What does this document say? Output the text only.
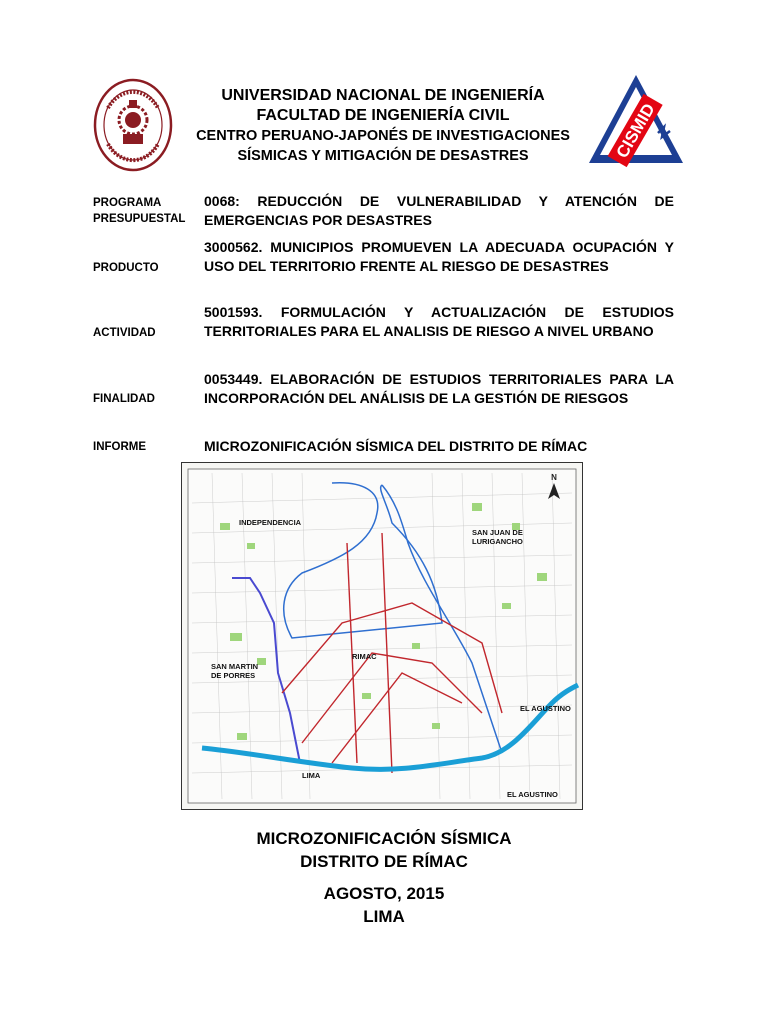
CISMID
UNIVERSIDAD NACIONAL DE INGENIERÍA
FACULTAD DE INGENIERÍA CIVIL
CENTRO PERUANO-JAPONÉS DE INVESTIGACIONES
SÍSMICAS Y MITIGACIÓN DE DESASTRES
PROGRAMA
PRESUPUESTAL
0068: REDUCCIÓN DE VULNERABILIDAD Y ATENCIÓN DE EMERGENCIAS POR DESASTRES
PRODUCTO
3000562. MUNICIPIOS PROMUEVEN LA ADECUADA OCUPACIÓN Y USO DEL TERRITORIO FRENTE AL RIESGO DE DESASTRES
ACTIVIDAD
5001593. FORMULACIÓN Y ACTUALIZACIÓN DE ESTUDIOS TERRITORIALES PARA EL ANALISIS DE RIESGO A NIVEL URBANO
FINALIDAD
0053449. ELABORACIÓN DE ESTUDIOS TERRITORIALES PARA LA INCORPORACIÓN DEL ANÁLISIS DE LA GESTIÓN DE RIESGOS
INFORME	MICROZONIFICACIÓN SÍSMICA DEL DISTRITO DE RÍMAC
N
INDEPENDENCIA
SAN JUAN DE
LURIGANCHO
RIMAC
SAN MARTIN
DE PORRES
EL AGUSTINO
LIMA
EL AGUSTINO
MICROZONIFICACIÓN SÍSMICA
DISTRITO DE RÍMAC
AGOSTO, 2015
LIMA
